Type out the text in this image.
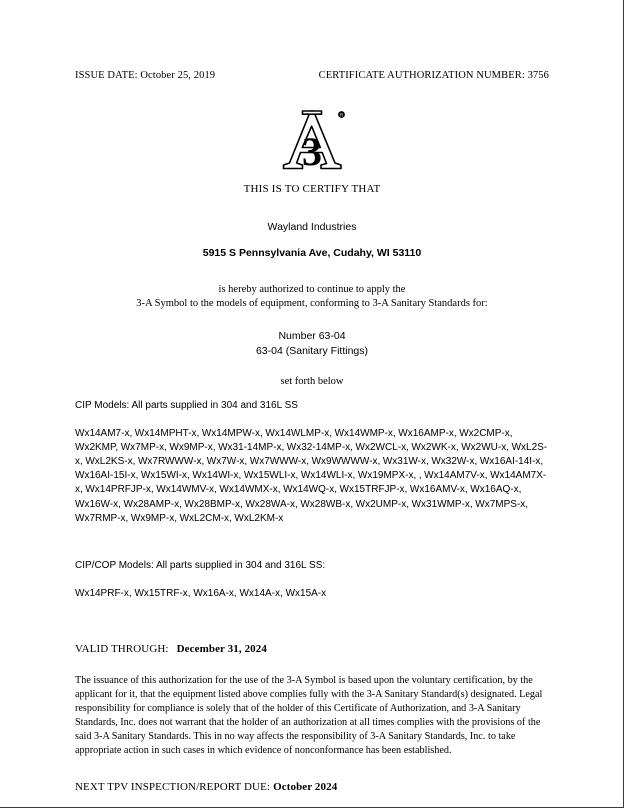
ISSUE DATE: October 25, 2019	CERTIFICATE AUTHORIZATION NUMBER: 3756
3
R
THIS IS TO CERTIFY THAT
Wayland Industries
5915 S Pennsylvania Ave, Cudahy, WI 53110
is hereby authorized to continue to apply the
3-A Symbol to the models of equipment, conforming to 3-A Sanitary Standards for:
Number 63-04
63-04 (Sanitary Fittings)
set forth below
CIP Models: All parts supplied in 304 and 316L SS
Wx14AM7-x, Wx14MPHT-x, Wx14MPW-x, Wx14WLMP-x, Wx14WMP-x, Wx16AMP-x, Wx2CMP-x, Wx2KMP, Wx7MP-x, Wx9MP-x, Wx31-14MP-x, Wx32-14MP-x, Wx2WCL-x, Wx2WK-x, Wx2WU-x, WxL2S-x, WxL2KS-x, Wx7RWWW-x, Wx7W-x, Wx7WWW-x, Wx9WWWW-x, Wx31W-x, Wx32W-x, Wx16AI-14I-x, Wx16AI-15I-x, Wx15WI-x, Wx14WI-x, Wx15WLI-x, Wx14WLI-x, Wx19MPX-x, , Wx14AM7V-x, Wx14AM7X-x, Wx14PRFJP-x, Wx14WMV-x, Wx14WMX-x, Wx14WQ-x, Wx15TRFJP-x, Wx16AMV-x, Wx16AQ-x, Wx16W-x, Wx28AMP-x, Wx28BMP-x, Wx28WA-x, Wx28WB-x, Wx2UMP-x, Wx31WMP-x, Wx7MPS-x, Wx7RMP-x, Wx9MP-x, WxL2CM-x, WxL2KM-x
CIP/COP Models: All parts supplied in 304 and 316L SS:
Wx14PRF-x, Wx15TRF-x, Wx16A-x, Wx14A-x, Wx15A-x
VALID THROUGH: December 31, 2024
The issuance of this authorization for the use of the 3-A Symbol is based upon the voluntary certification, by the applicant for it, that the equipment listed above complies fully with the 3-A Sanitary Standard(s) designated. Legal responsibility for compliance is solely that of the holder of this Certificate of Authorization, and 3-A Sanitary Standards, Inc. does not warrant that the holder of an authorization at all times complies with the provisions of the said 3-A Sanitary Standards. This in no way affects the responsibility of 3-A Sanitary Standards, Inc. to take appropriate action in such cases in which evidence of nonconformance has been established.
NEXT TPV INSPECTION/REPORT DUE: October 2024
